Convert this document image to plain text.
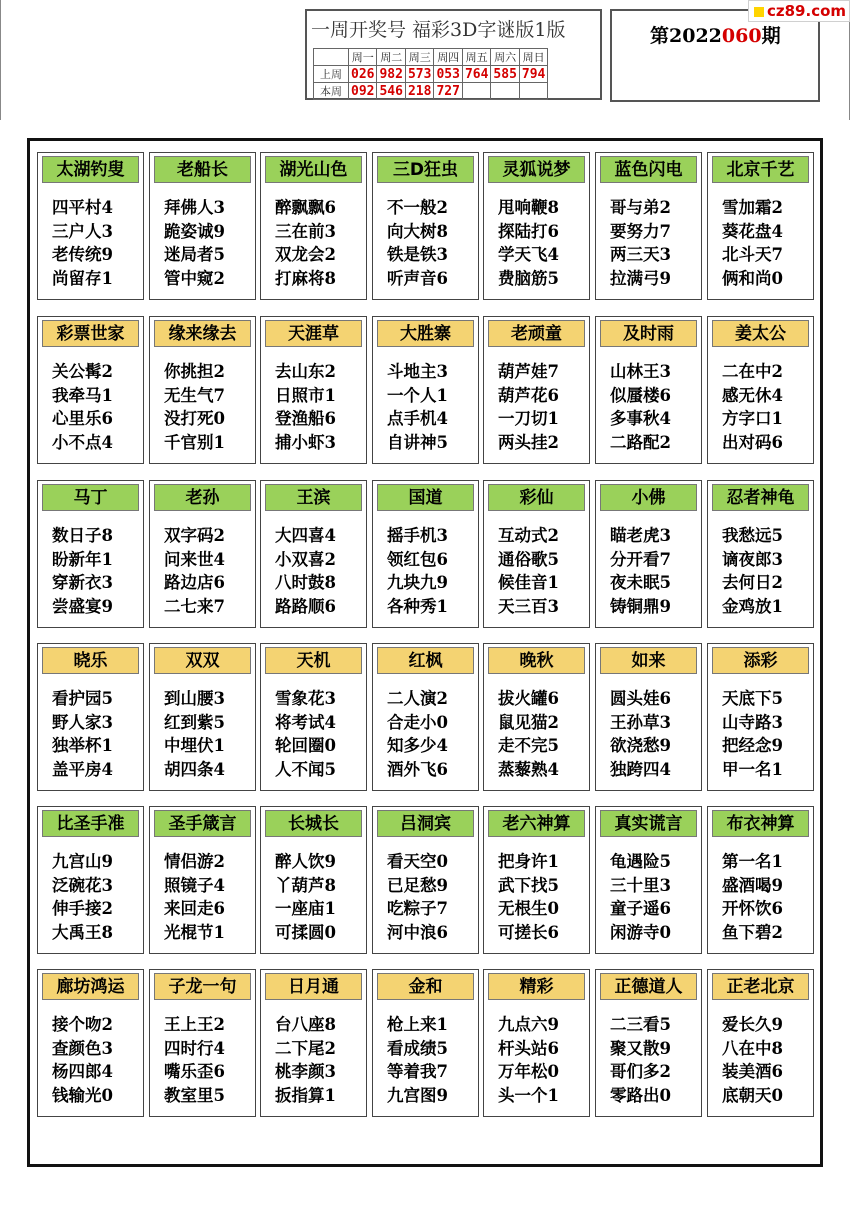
一周开奖号 福彩3D字谜版1版
	周一	周二	周三	周四	周五	周六	周日
上周	026	982	573	053	764	585	794
本周	092	546	218	727			
第2022060期
cz89.com
太湖钓叟
四平村4
三户人3
老传统9
尚留存1
老船长
拜佛人3
跪姿诚9
迷局者5
管中窥2
湖光山色
醉飘飘6
三在前3
双龙会2
打麻将8
三D狂虫
不一般2
向大树8
铁是铁3
听声音6
灵狐说梦
甩响鞭8
探陆打6
学天飞4
费脑筋5
蓝色闪电
哥与弟2
要努力7
两三天3
拉满弓9
北京千艺
雪加霜2
葵花盘4
北斗天7
俩和尚0
彩票世家
关公髯2
我牵马1
心里乐6
小不点4
缘来缘去
你挑担2
无生气7
没打死0
千官别1
天涯草
去山东2
日照市1
登渔船6
捕小虾3
大胜寨
斗地主3
一个人1
点手机4
自讲神5
老顽童
葫芦娃7
葫芦花6
一刀切1
两头挂2
及时雨
山林王3
似蜃楼6
多事秋4
二路配2
姜太公
二在中2
感无休4
方字口1
出对码6
马丁
数日子8
盼新年1
穿新衣3
尝盛宴9
老孙
双字码2
问来世4
路边店6
二七来7
王滨
大四喜4
小双喜2
八时鼓8
路路顺6
国道
摇手机3
领红包6
九块九9
各种秀1
彩仙
互动式2
通俗歌5
候佳音1
天三百3
小佛
瞄老虎3
分开看7
夜未眠5
铸铜鼎9
忍者神龟
我愁远5
谪夜郎3
去何日2
金鸡放1
晓乐
看护园5
野人家3
独举杯1
盖平房4
双双
到山腰3
红到紫5
中埋伏1
胡四条4
天机
雪象花3
将考试4
轮回圈0
人不闻5
红枫
二人演2
合走小0
知多少4
酒外飞6
晚秋
拔火罐6
鼠见猫2
走不完5
蒸藜熟4
如来
圆头娃6
王孙草3
欲浇愁9
独跨四4
添彩
天底下5
山寺路3
把经念9
甲一名1
比圣手准
九宫山9
泛碗花3
伸手接2
大禹王8
圣手箴言
情侣游2
照镜子4
来回走6
光棍节1
长城长
醉人饮9
丫葫芦8
一座庙1
可揉圆0
吕洞宾
看天空0
已足愁9
吃粽子7
河中浪6
老六神算
把身许1
武下找5
无根生0
可搓长6
真实谎言
龟遇险5
三十里3
童子遥6
闲游寺0
布衣神算
第一名1
盛酒喝9
开怀饮6
鱼下碧2
廊坊鸿运
接个吻2
查颜色3
杨四郎4
钱输光0
子龙一句
王上王2
四时行4
嘴乐歪6
教室里5
日月通
台八座8
二下尾2
桃李颜3
扳指算1
金和
枪上来1
看成绩5
等着我7
九宫图9
精彩
九点六9
杆头站6
万年松0
头一个1
正德道人
二三看5
聚又散9
哥们多2
零路出0
正老北京
爱长久9
八在中8
装美酒6
底朝天0
